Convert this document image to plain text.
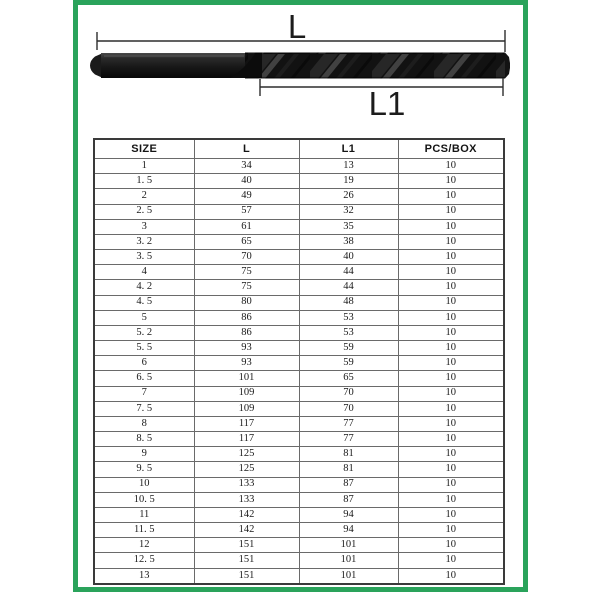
L
L1
SIZE	L	L1	PCS/BOX
1	34	13	10
1. 5	40	19	10
2	49	26	10
2. 5	57	32	10
3	61	35	10
3. 2	65	38	10
3. 5	70	40	10
4	75	44	10
4. 2	75	44	10
4. 5	80	48	10
5	86	53	10
5. 2	86	53	10
5. 5	93	59	10
6	93	59	10
6. 5	101	65	10
7	109	70	10
7. 5	109	70	10
8	117	77	10
8. 5	117	77	10
9	125	81	10
9. 5	125	81	10
10	133	87	10
10. 5	133	87	10
11	142	94	10
11. 5	142	94	10
12	151	101	10
12. 5	151	101	10
13	151	101	10
